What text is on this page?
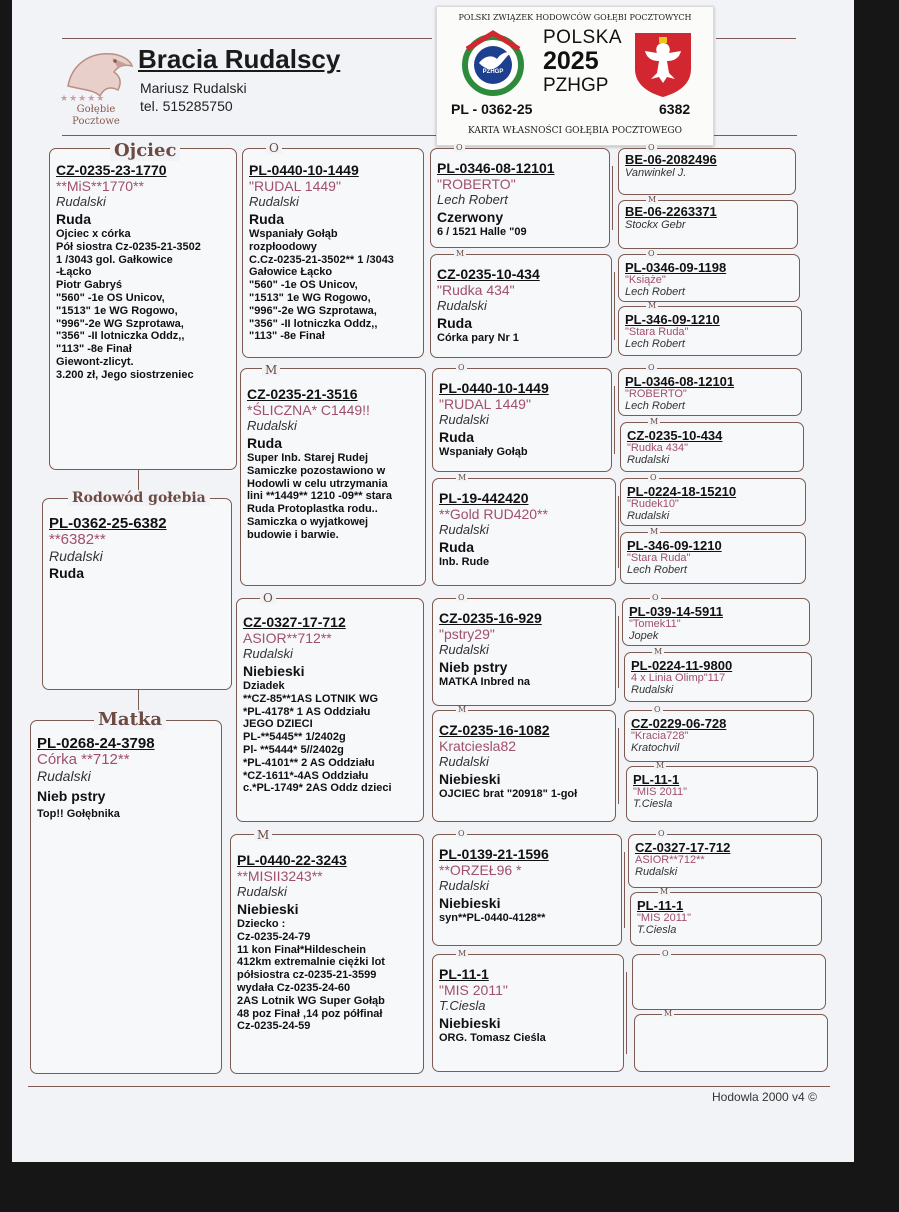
★★★★★
Gołębie Pocztowe
Bracia Rudalscy
Mariusz Rudalski
tel. 515285750
POLSKI ZWIĄZEK HODOWCÓW GOŁĘBI POCZTOWYCH
PZHGP
POLSKA
2025
PZHGP
PL - 0362-25	6382
KARTA WŁASNOŚCI GOŁĘBIA POCZTOWEGO
CZ-0235-23-1770
**MiS**1770**
Rudalski
Ruda
Ojciec x córka
Pół siostra Cz-0235-21-3502
1 /3043 gol. Gałkowice
-Łącko
Piotr Gabryś
"560" -1e OS Unicov,
"1513" 1e WG Rogowo,
"996"-2e WG Szprotawa,
"356" -II lotniczka Oddz,,
"113" -8e Finał
Giewont-zlicyt.
3.200 zł, Jego siostrzeniec
Ojciec
PL-0362-25-6382
**6382**
Rudalski
Ruda
Rodowód gołebia
PL-0268-24-3798
Córka **712**
Rudalski
Nieb pstry
Top!! Gołębnika
Matka
PL-0440-10-1449
"RUDAL 1449"
Rudalski
Ruda
Wspaniały Gołąb
rozpłoodowy
C.Cz-0235-21-3502** 1 /3043
Gałowice Łącko
"560" -1e OS Unicov,
"1513" 1e WG Rogowo,
"996"-2e WG Szprotawa,
"356" -II lotniczka Oddz,,
"113" -8e Finał
O
CZ-0235-21-3516
*ŚLICZNA* C1449!!
Rudalski
Ruda
Super Inb. Starej Rudej
Samiczke pozostawiono w
Hodowli w celu utrzymania
lini **1449** 1210 -09** stara
Ruda Protoplastka rodu..
Samiczka o wyjatkowej
budowie i barwie.
M
CZ-0327-17-712
ASIOR**712**
Rudalski
Niebieski
Dziadek
**CZ-85**1AS LOTNIK WG
*PL-4178* 1 AS Oddziału
JEGO DZIECI
PL-**5445** 1/2402g
Pl- **5444* 5//2402g
*PL-4101** 2 AS Oddziału
*CZ-1611*-4AS Oddziału
c.*PL-1749* 2AS Oddz dzieci
O
PL-0440-22-3243
**MISII3243**
Rudalski
Niebieski
Dziecko :
Cz-0235-24-79
11 kon Finał*Hildeschein
412km extremalnie ciężki lot
półsiostra cz-0235-21-3599
wydała Cz-0235-24-60
2AS Lotnik WG Super Gołąb
48 poz Finał ,14 poz półfinał
Cz-0235-24-59
M
PL-0346-08-12101
"ROBERTO"
Lech Robert
Czerwony
6 / 1521 Halle "09
O
CZ-0235-10-434
"Rudka 434"
Rudalski
Ruda
Córka pary Nr 1
M
PL-0440-10-1449
"RUDAL 1449"
Rudalski
Ruda
Wspaniały Gołąb
O
PL-19-442420
**Gold RUD420**
Rudalski
Ruda
Inb. Rude
M
CZ-0235-16-929
"pstry29"
Rudalski
Nieb pstry
MATKA Inbred na
O
CZ-0235-16-1082
Kratciesla82
Rudalski
Niebieski
OJCIEC brat "20918" 1-goł
M
PL-0139-21-1596
**ORZEŁ96 *
Rudalski
Niebieski
syn**PL-0440-4128**
O
PL-11-1
"MIS 2011"
T.Ciesla
Niebieski
ORG. Tomasz Cieśla
M
BE-06-2082496
Vanwinkel J.
O
BE-06-2263371
Stockx Gebr
M
PL-0346-09-1198
"Książe"
Lech Robert
O
PL-346-09-1210
"Stara Ruda"
Lech Robert
M
PL-0346-08-12101
"ROBERTO"
Lech Robert
O
CZ-0235-10-434
"Rudka 434"
Rudalski
M
PL-0224-18-15210
"Rudek10"
Rudalski
O
PL-346-09-1210
"Stara Ruda"
Lech Robert
M
PL-039-14-5911
"Tomek11"
Jopek
O
PL-0224-11-9800
4 x Linia Olimp"117
Rudalski
M
CZ-0229-06-728
"Kracia728"
Kratochvil
O
PL-11-1
"MIS 2011"
T.Ciesla
M
CZ-0327-17-712
ASIOR**712**
Rudalski
O
PL-11-1
"MIS 2011"
T.Ciesla
M
O
M
Hodowla 2000 v4 ©
